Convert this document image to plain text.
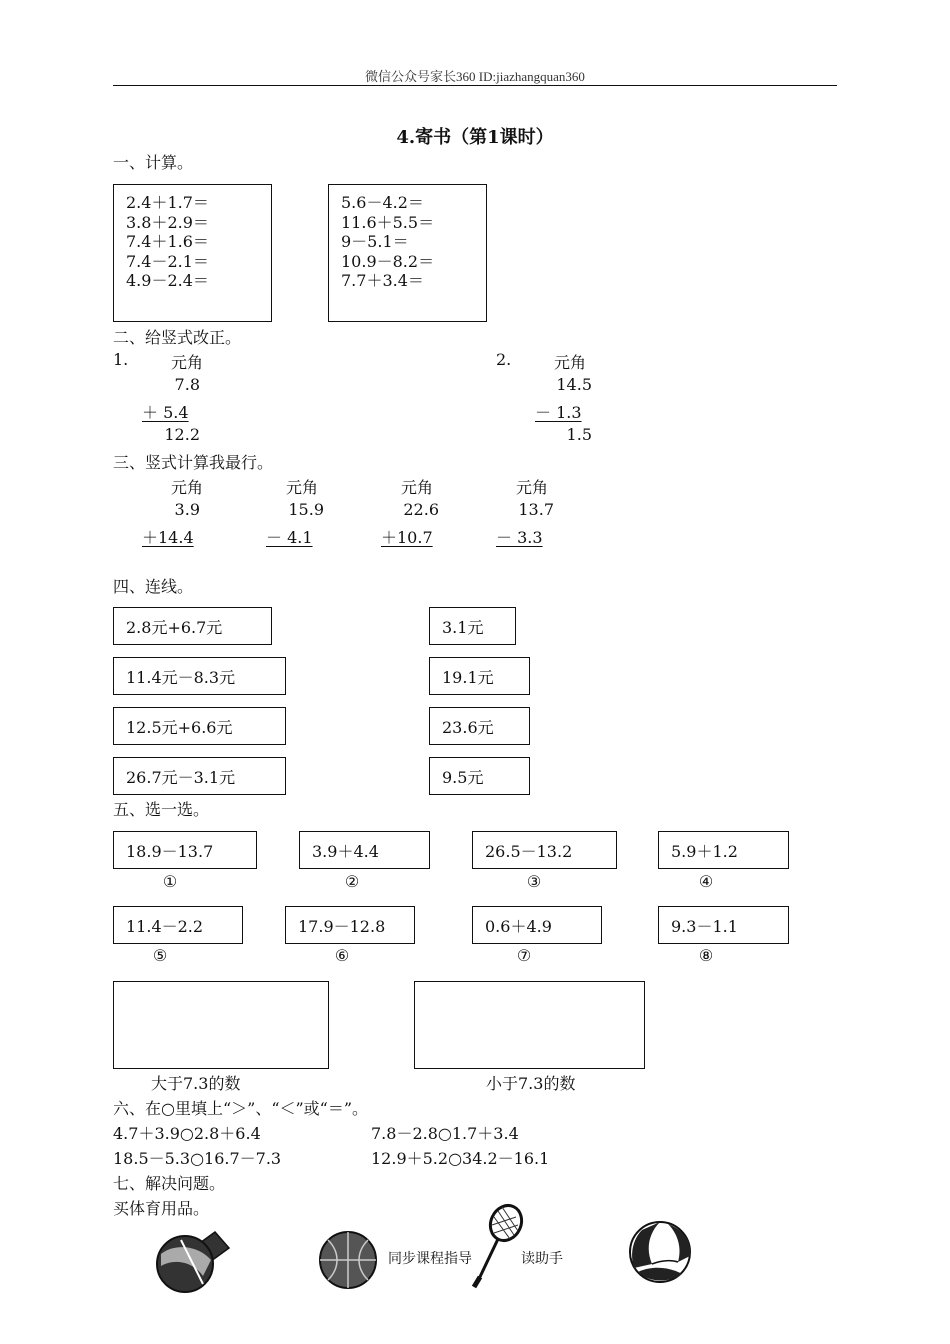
微信公众号家长360 ID:jiazhangquan360
4.寄书（第1课时）
一、计算。
2.4＋1.7＝
3.8＋2.9＝
7.4＋1.6＝
7.4－2.1＝
4.9－2.4＝
5.6－4.2＝
11.6＋5.5＝
9－5.1＝
10.9－8.2＝
7.7＋3.4＝
二、给竖式改正。
1.	元角
7.8
＋ 5.4
12.2
2.	元角
14.5
－ 1.3
1.5
三、竖式计算我最行。
元角
3.9
＋14.4
元角
15.9
－ 4.1
元角
22.6
＋10.7
元角
13.7
－ 3.3
四、连线。
2.8元+6.7元
11.4元－8.3元
12.5元+6.6元
26.7元－3.1元
3.1元
19.1元
23.6元
9.5元
五、选一选。
18.9－13.7
①
3.9＋4.4
②
26.5－13.2
③
5.9＋1.2
④
11.4－2.2
⑤
17.9－12.8
⑥
0.6＋4.9
⑦
9.3－1.1
⑧
大于7.3的数	小于7.3的数
六、在○里填上“＞”、“＜”或“＝”。
4.7＋3.9○2.8＋6.4	7.8－2.8○1.7＋3.4
18.5－5.3○16.7－7.3	12.9＋5.2○34.2－16.1
七、解决问题。
买体育用品。
同步课程指导	读助手
